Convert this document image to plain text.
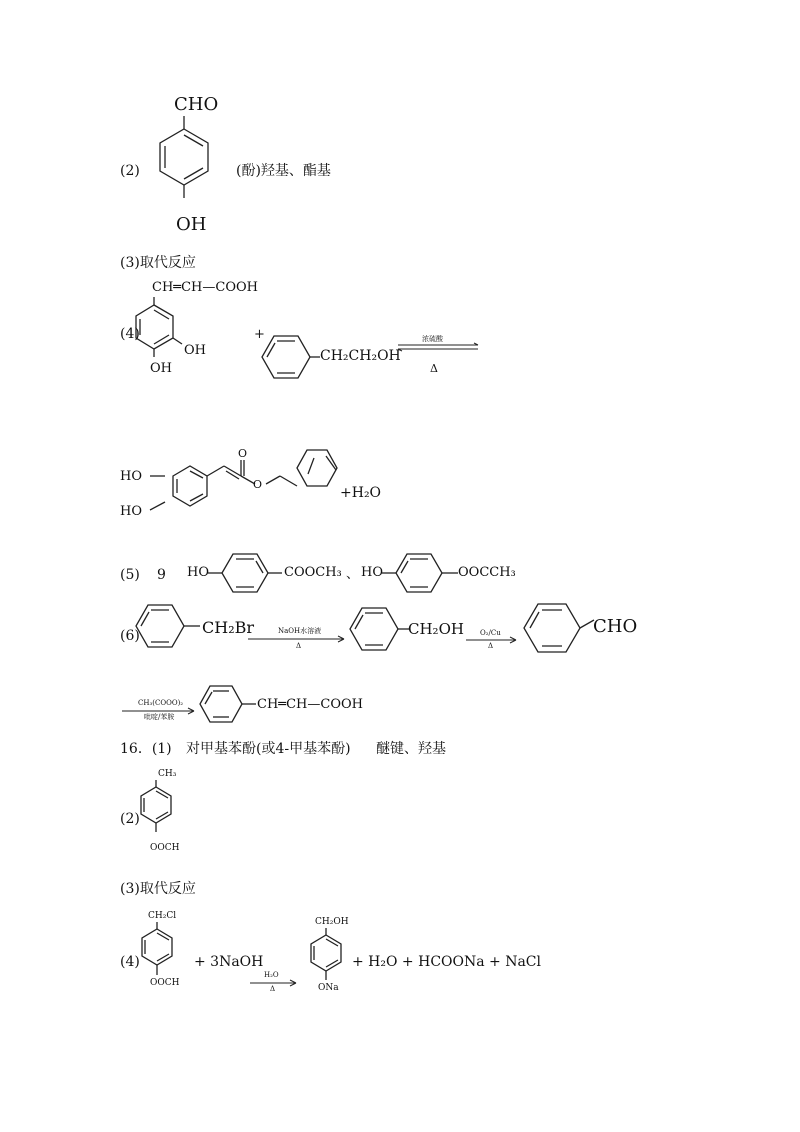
(2)
CHO
OH
(酚)羟基、酯基
(3)取代反应
CH═CH—COOH
(4)
OH
OH
+
CH₂CH₂OH
浓硫酸
Δ
HO
HO
O
O
+H₂O
(5) 9 HO	COOCH₃ 、 HO	OOCCH₃
(6)	CH₂Br	NaOH水溶液
Δ
CH₂OH O₂/Cu
Δ
CHO
CH₃(COOO)₂
吡啶/苯胺
CH═CH—COOH
16．(1) 对甲基苯酚(或4-甲基苯酚) 醚键、羟基
CH₃
(2)
OOCH
(3)取代反应
CH₂Cl
(4)
OOCH
+ 3NaOH
H₂O
Δ
CH₂OH
ONa
+ H₂O + HCOONa + NaCl
